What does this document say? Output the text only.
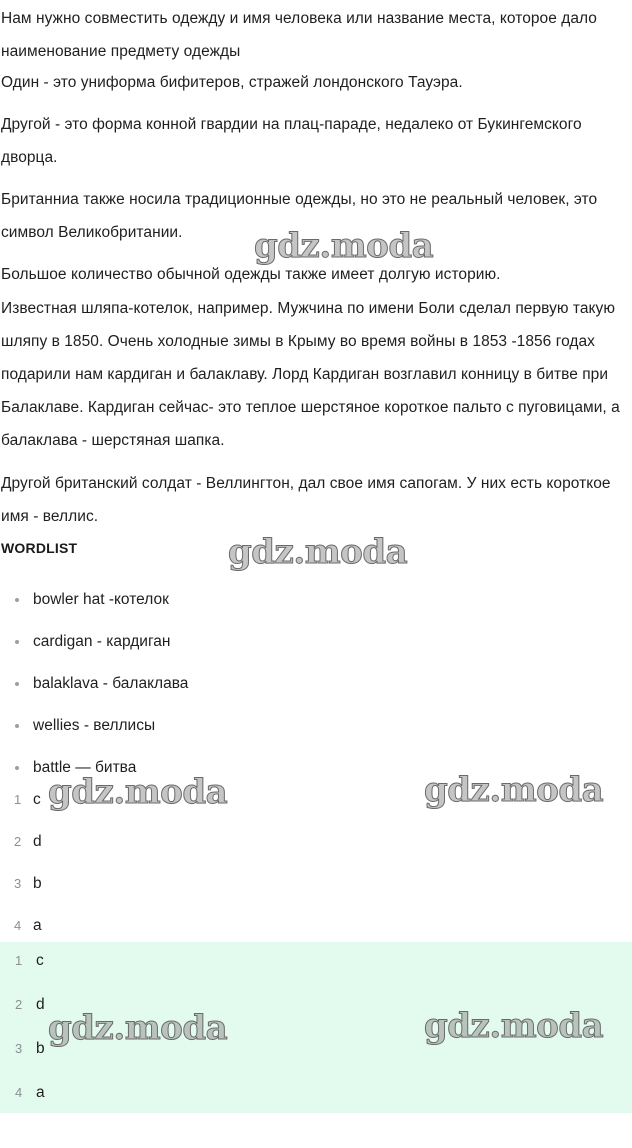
Нам нужно совместить одежду и имя человека или название места, которое дало наименование предмету одежды

Один - это униформа бифитеров, стражей лондонского Тауэра.

Другой - это форма конной гвардии на плац-параде, недалеко от Букингемского дворца.

Британниа также носила традиционные одежды, но это не реальный человек, это символ Великобритании.

Большое количество обычной одежды также имеет долгую историю.

Известная шляпа-котелок, например. Мужчина по имени Боли сделал первую такую шляпу в 1850. Очень холодные зимы в Крыму во время войны в 1853 -1856 годах подарили нам кардиган и балаклаву. Лорд Кардиган возглавил конницу в битве при Балаклаве. Кардиган сейчас- это теплое шерстяное короткое пальто с пуговицами, а балаклава - шерстяная шапка.

Другой британский солдат - Веллингтон, дал свое имя сапогам. У них есть короткое имя - веллис.

WORDLIST
bowler hat -котелок
cardigan - кардиган
balaklava - балаклава
wellies - веллисы
battle — битва
1 c
2 d
3 b
4 a
1 c
2 d
3 b
4 a
gdz.moda
gdz.moda
gdz.moda	gdz.moda
gdz.moda	gdz.moda
